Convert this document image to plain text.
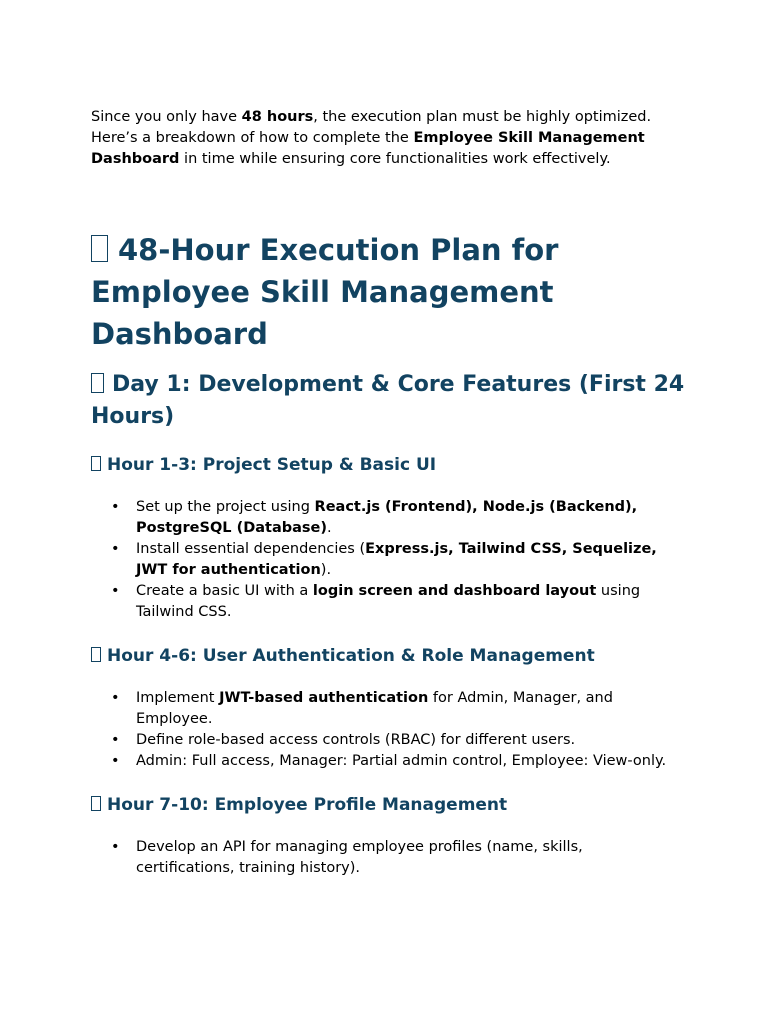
Since you only have 48 hours, the execution plan must be highly optimized. Here’s a breakdown of how to complete the Employee Skill Management Dashboard in time while ensuring core functionalities work effectively.

48-Hour Execution Plan for Employee Skill Management Dashboard
Day 1: Development & Core Features (First 24 Hours)
Hour 1-3: Project Setup & Basic UI
• Set up the project using React.js (Frontend), Node.js (Backend), PostgreSQL (Database).
• Install essential dependencies (Express.js, Tailwind CSS, Sequelize, JWT for authentication).
• Create a basic UI with a login screen and dashboard layout using Tailwind CSS.
Hour 4-6: User Authentication & Role Management
• Implement JWT-based authentication for Admin, Manager, and Employee.
• Define role-based access controls (RBAC) for different users.
• Admin: Full access, Manager: Partial admin control, Employee: View-only.
Hour 7-10: Employee Profile Management
• Develop an API for managing employee profiles (name, skills, certifications, training history).
